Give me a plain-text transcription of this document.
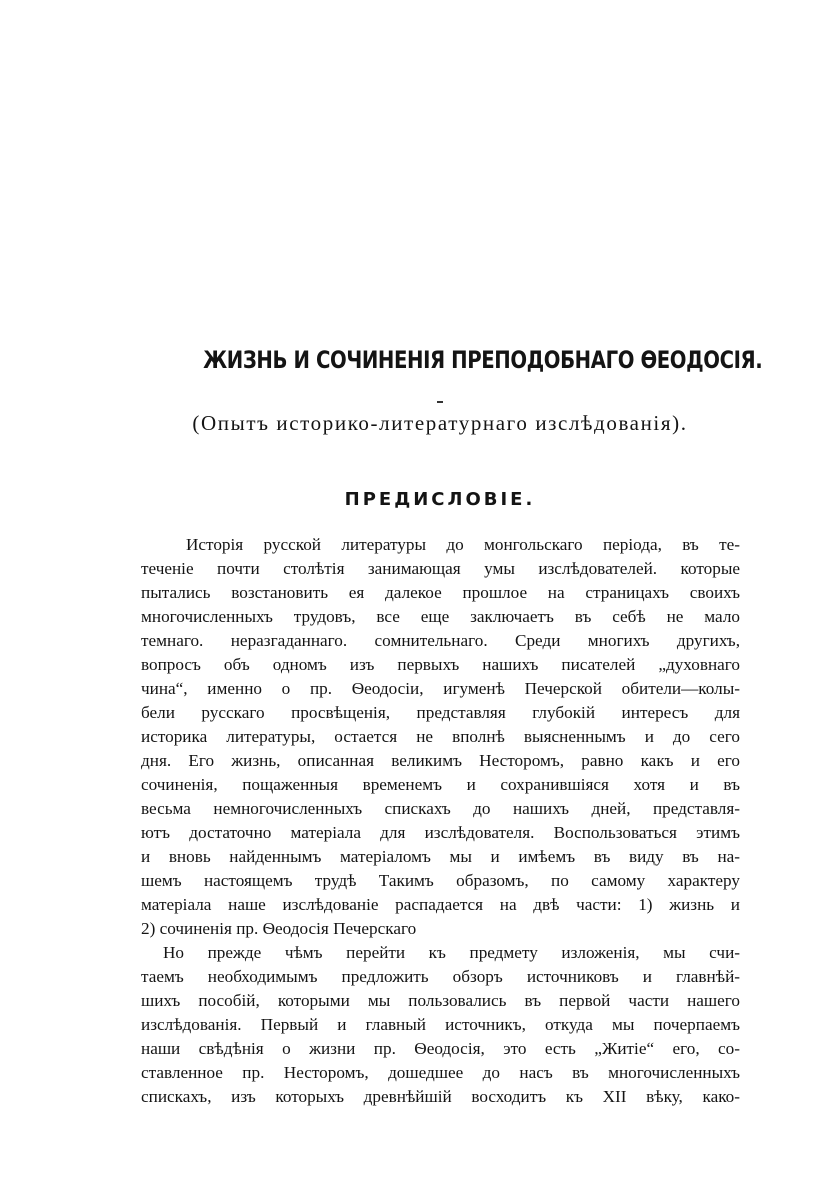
ЖИЗНЬ И СОЧИНЕНІЯ ПРЕПОДОБНАГО ѲЕОДОСІЯ.
(Опытъ историко-литературнаго изслѣдованія).
ПРЕДИСЛОВІЕ.
Исторія русской литературы до монгольскаго періода, въ те-
теченіе почти столѣтія занимающая умы изслѣдователей. которые
пытались возстановить ея далекое прошлое на страницахъ своихъ
многочисленныхъ трудовъ, все еще заключаетъ въ себѣ не мало
темнаго. неразгаданнаго. сомнительнаго. Среди многихъ другихъ,
вопросъ объ одномъ изъ первыхъ нашихъ писателей „духовнаго
чина“, именно о пр. Ѳеодосіи, игуменѣ Печерской обители—колы-
бели русскаго просвѣщенія, представляя глубокій интересъ для
историка литературы, остается не вполнѣ выясненнымъ и до сего
дня. Его жизнь, описанная великимъ Несторомъ, равно какъ и его
сочиненія, пощаженныя временемъ и сохранившіяся хотя и въ
весьма немногочисленныхъ спискахъ до нашихъ дней, представля-
ютъ достаточно матеріала для изслѣдователя. Воспользоваться этимъ
и вновь найденнымъ матеріаломъ мы и имѣемъ въ виду въ на-
шемъ настоящемъ трудѣ Такимъ образомъ, по самому характеру
матеріала наше изслѣдованіе распадается на двѣ части: 1) жизнь и
2) сочиненія пр. Ѳеодосія Печерскаго
Но прежде чѣмъ перейти къ предмету изложенія, мы счи-
таемъ необходимымъ предложить обзоръ источниковъ и главнѣй-
шихъ пособій, которыми мы пользовались въ первой части нашего
изслѣдованія. Первый и главный источникъ, откуда мы почерпаемъ
наши свѣдѣнія о жизни пр. Ѳеодосія, это есть „Житіе“ его, со-
ставленное пр. Несторомъ, дошедшее до насъ въ многочисленныхъ
спискахъ, изъ которыхъ древнѣйшій восходитъ къ XII вѣку, како-
